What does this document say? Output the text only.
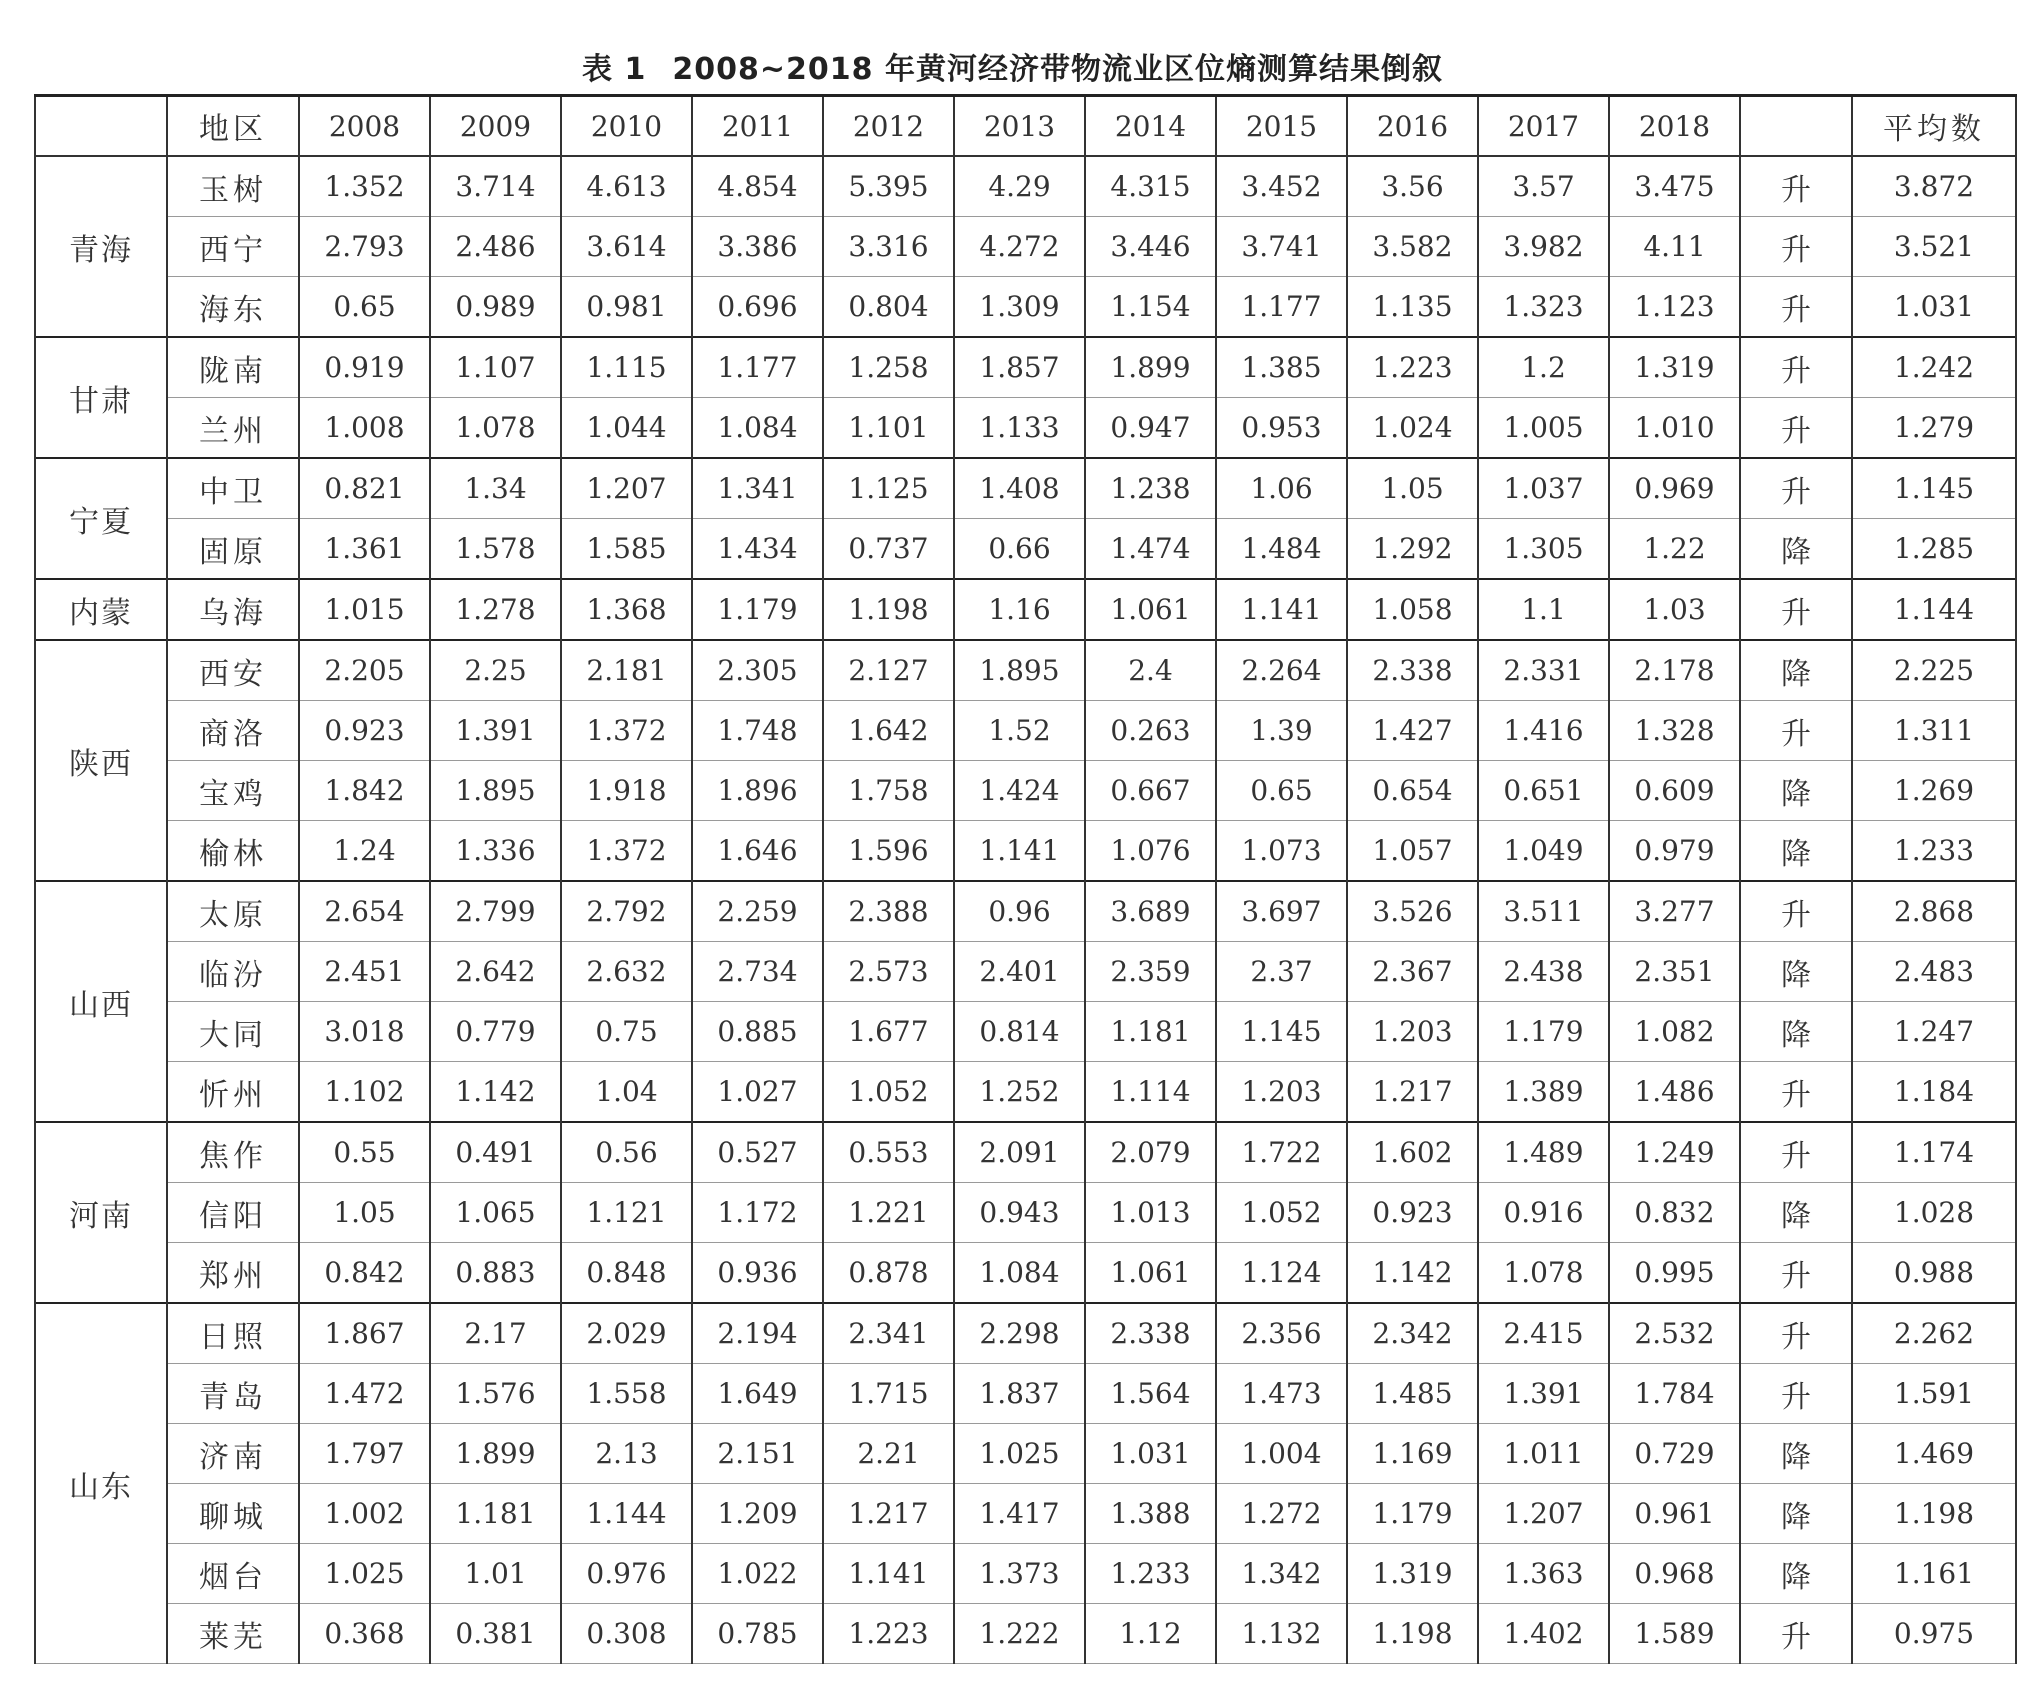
表 1 2008~2018 年黄河经济带物流业区位熵测算结果倒叙
	地区	2008	2009	2010	2011	2012	2013	2014	2015	2016	2017	2018		平均数
青海	玉树	1.352	3.714	4.613	4.854	5.395	4.29	4.315	3.452	3.56	3.57	3.475	升	3.872
	西宁	2.793	2.486	3.614	3.386	3.316	4.272	3.446	3.741	3.582	3.982	4.11	升	3.521
	海东	0.65	0.989	0.981	0.696	0.804	1.309	1.154	1.177	1.135	1.323	1.123	升	1.031
甘肃	陇南	0.919	1.107	1.115	1.177	1.258	1.857	1.899	1.385	1.223	1.2	1.319	升	1.242
	兰州	1.008	1.078	1.044	1.084	1.101	1.133	0.947	0.953	1.024	1.005	1.010	升	1.279
宁夏	中卫	0.821	1.34	1.207	1.341	1.125	1.408	1.238	1.06	1.05	1.037	0.969	升	1.145
	固原	1.361	1.578	1.585	1.434	0.737	0.66	1.474	1.484	1.292	1.305	1.22	降	1.285
内蒙	乌海	1.015	1.278	1.368	1.179	1.198	1.16	1.061	1.141	1.058	1.1	1.03	升	1.144
陕西	西安	2.205	2.25	2.181	2.305	2.127	1.895	2.4	2.264	2.338	2.331	2.178	降	2.225
	商洛	0.923	1.391	1.372	1.748	1.642	1.52	0.263	1.39	1.427	1.416	1.328	升	1.311
	宝鸡	1.842	1.895	1.918	1.896	1.758	1.424	0.667	0.65	0.654	0.651	0.609	降	1.269
	榆林	1.24	1.336	1.372	1.646	1.596	1.141	1.076	1.073	1.057	1.049	0.979	降	1.233
山西	太原	2.654	2.799	2.792	2.259	2.388	0.96	3.689	3.697	3.526	3.511	3.277	升	2.868
	临汾	2.451	2.642	2.632	2.734	2.573	2.401	2.359	2.37	2.367	2.438	2.351	降	2.483
	大同	3.018	0.779	0.75	0.885	1.677	0.814	1.181	1.145	1.203	1.179	1.082	降	1.247
	忻州	1.102	1.142	1.04	1.027	1.052	1.252	1.114	1.203	1.217	1.389	1.486	升	1.184
河南	焦作	0.55	0.491	0.56	0.527	0.553	2.091	2.079	1.722	1.602	1.489	1.249	升	1.174
	信阳	1.05	1.065	1.121	1.172	1.221	0.943	1.013	1.052	0.923	0.916	0.832	降	1.028
	郑州	0.842	0.883	0.848	0.936	0.878	1.084	1.061	1.124	1.142	1.078	0.995	升	0.988
山东	日照	1.867	2.17	2.029	2.194	2.341	2.298	2.338	2.356	2.342	2.415	2.532	升	2.262
	青岛	1.472	1.576	1.558	1.649	1.715	1.837	1.564	1.473	1.485	1.391	1.784	升	1.591
	济南	1.797	1.899	2.13	2.151	2.21	1.025	1.031	1.004	1.169	1.011	0.729	降	1.469
	聊城	1.002	1.181	1.144	1.209	1.217	1.417	1.388	1.272	1.179	1.207	0.961	降	1.198
	烟台	1.025	1.01	0.976	1.022	1.141	1.373	1.233	1.342	1.319	1.363	0.968	降	1.161
	莱芜	0.368	0.381	0.308	0.785	1.223	1.222	1.12	1.132	1.198	1.402	1.589	升	0.975
